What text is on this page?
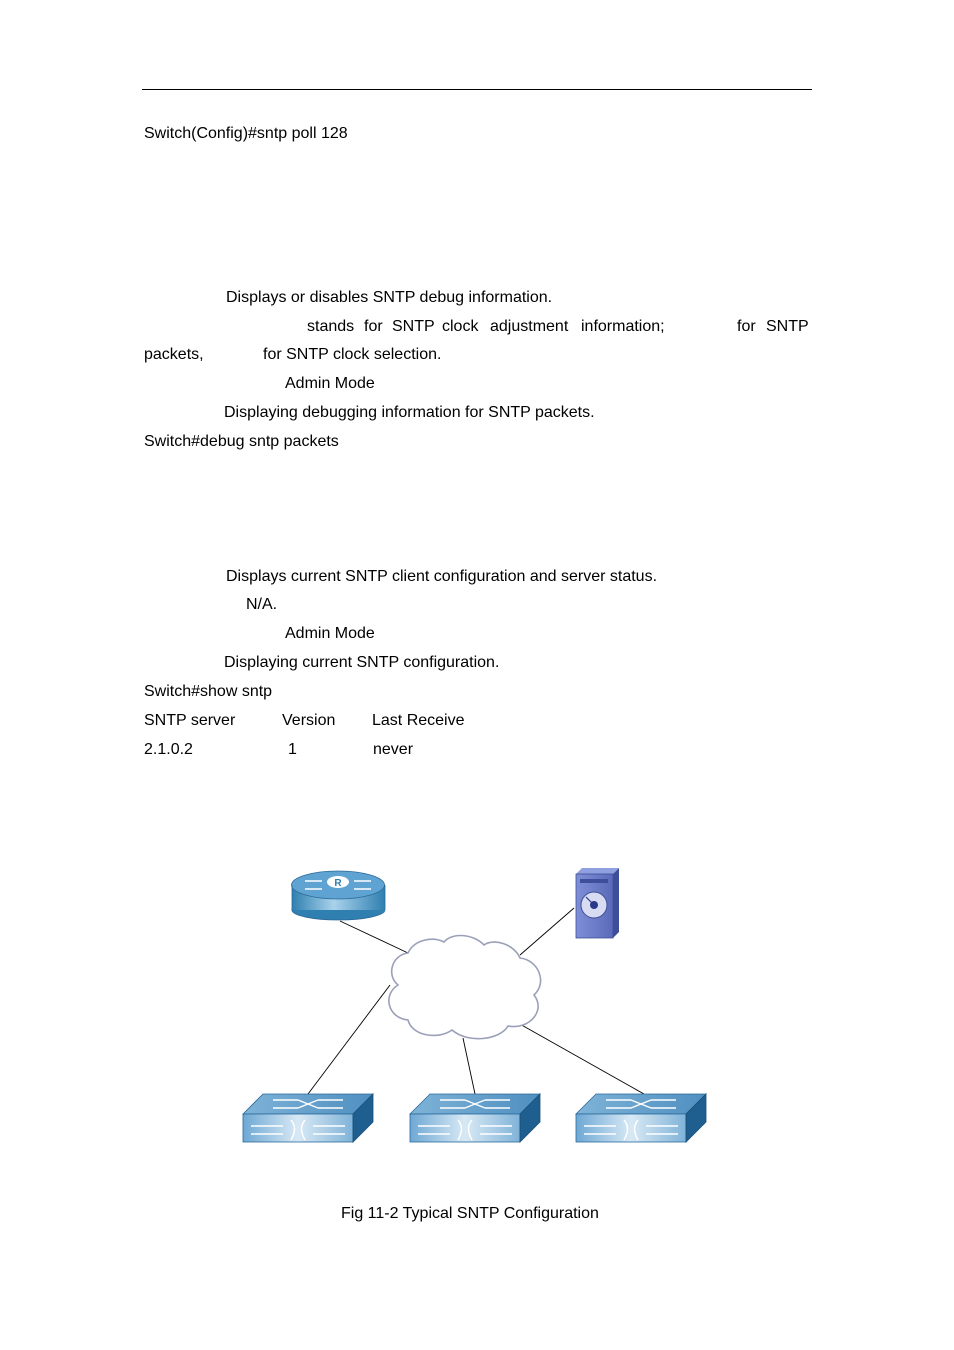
Switch(Config)#sntp poll 128
Displays or disables SNTP debug information.
stands for SNTP clock adjustment information;	for SNTP
packets,	for SNTP clock selection.
Admin Mode
Displaying debugging information for SNTP packets.
Switch#debug sntp packets
Displays current SNTP client configuration and server status.
N/A.
Admin Mode
Displaying current SNTP configuration.
Switch#show sntp
SNTP server	Version Last Receive
2.1.0.2	1	never
R
Fig 11-2 Typical SNTP Configuration
